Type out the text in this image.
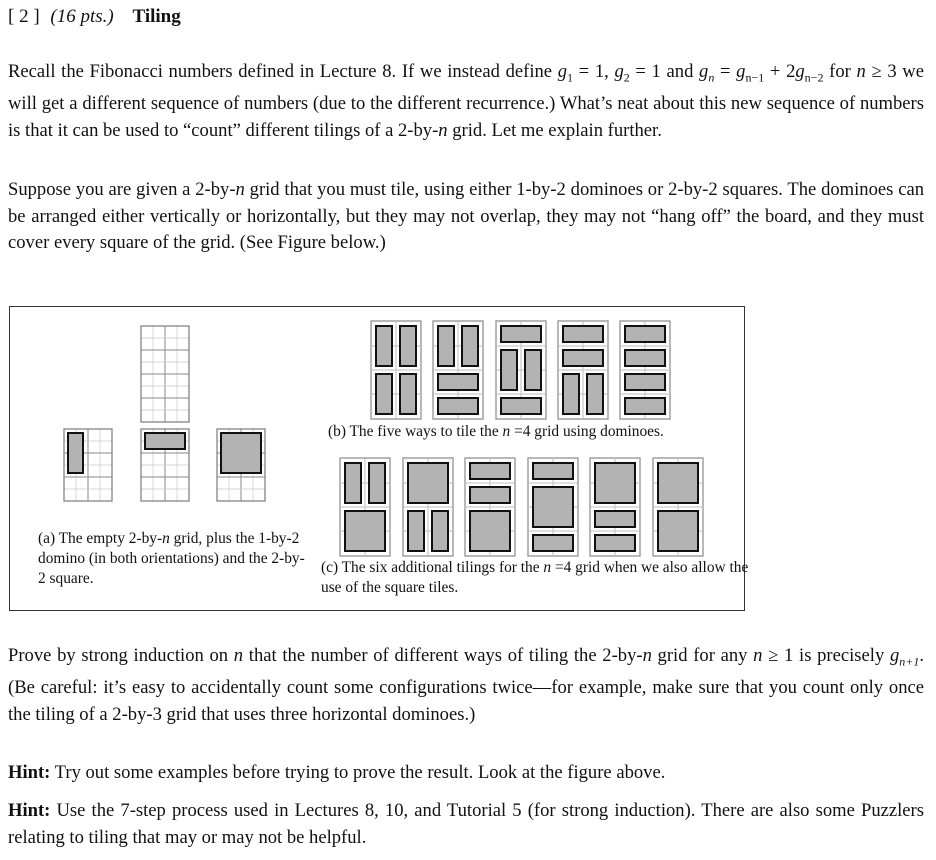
[ 2 ] (16 pts.) Tiling
Recall the Fibonacci numbers defined in Lecture 8. If we instead define $g_1 = 1$, $g_2 = 1$ and $g_n = g_{n-1} + 2g_{n-2}$ for n ≥ 3 we will get a different sequence of numbers (due to the different recurrence.) What’s neat about this new sequence of numbers is that it can be used to “count” different tilings of a 2-by-n grid. Let me explain further.
Suppose you are given a 2-by-n grid that you must tile, using either 1-by-2 dominoes or 2-by-2 squares. The dominoes can be arranged either vertically or horizontally, but they may not overlap, they may not “hang off” the board, and they must cover every square of the grid. (See Figure below.)
(a) The empty 2-by-n grid, plus the 1-by-2 domino (in both orientations) and the 2-by-2 square.
(b) The five ways to tile the n =4 grid using dominoes.
(c) The six additional tilings for the n =4 grid when we also allow the use of the square tiles.
Prove by strong induction on n that the number of different ways of tiling the 2-by-n grid for any n ≥ 1 is precisely $g_{n+1}$. (Be careful: it’s easy to accidentally count some configurations twice—for example, make sure that you count only once the tiling of a 2-by-3 grid that uses three horizontal dominoes.)
Hint: Try out some examples before trying to prove the result. Look at the figure above.
Hint: Use the 7-step process used in Lectures 8, 10, and Tutorial 5 (for strong induction). There are also some Puzzlers relating to tiling that may or may not be helpful.
